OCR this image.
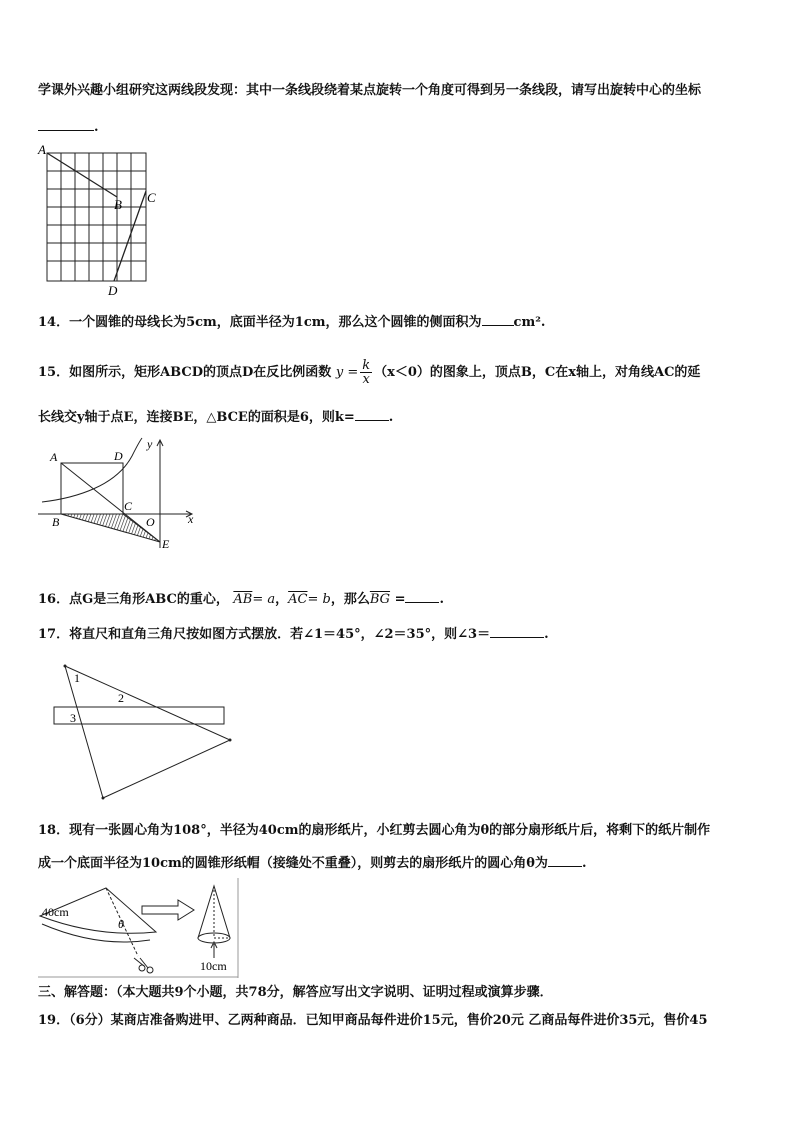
学课外兴趣小组研究这两线段发现：其中一条线段绕着某点旋转一个角度可得到另一条线段，请写出旋转中心的坐标
.
A
B C
D
14．一个圆锥的母线长为5cm，底面半径为1cm，那么这个圆锥的侧面积为 cm².
15．如图所示，矩形ABCD的顶点D在反比例函数 $y = \frac{k}{x} (x<0)$的图象上，顶点B，C在x轴上，对角线AC的延
长线交y轴于点E，连接BE，△BCE的面积是6，则k=	.
A	D
C
B	O
E
x
y
16．点G是三角形ABC的重心， $\overline{AB}= a$，$\overline{AC}= b$，那么$\overline{BG}$ =	.
17．将直尺和直角三角尺按如图方式摆放．若∠1＝45°，∠2＝35°，则∠3＝	.
1
2
3
18．现有一张圆心角为108°，半径为40cm的扇形纸片，小红剪去圆心角为θ的部分扇形纸片后，将剩下的纸片制作
成一个底面半径为10cm的圆锥形纸帽（接缝处不重叠），则剪去的扇形纸片的圆心角θ为	.
40cm
θ
10cm
三、解答题：（本大题共9个小题，共78分，解答应写出文字说明、证明过程或演算步骤．
19．（6分）某商店准备购进甲、乙两种商品．已知甲商品每件进价15元，售价20元 乙商品每件进价35元，售价45
